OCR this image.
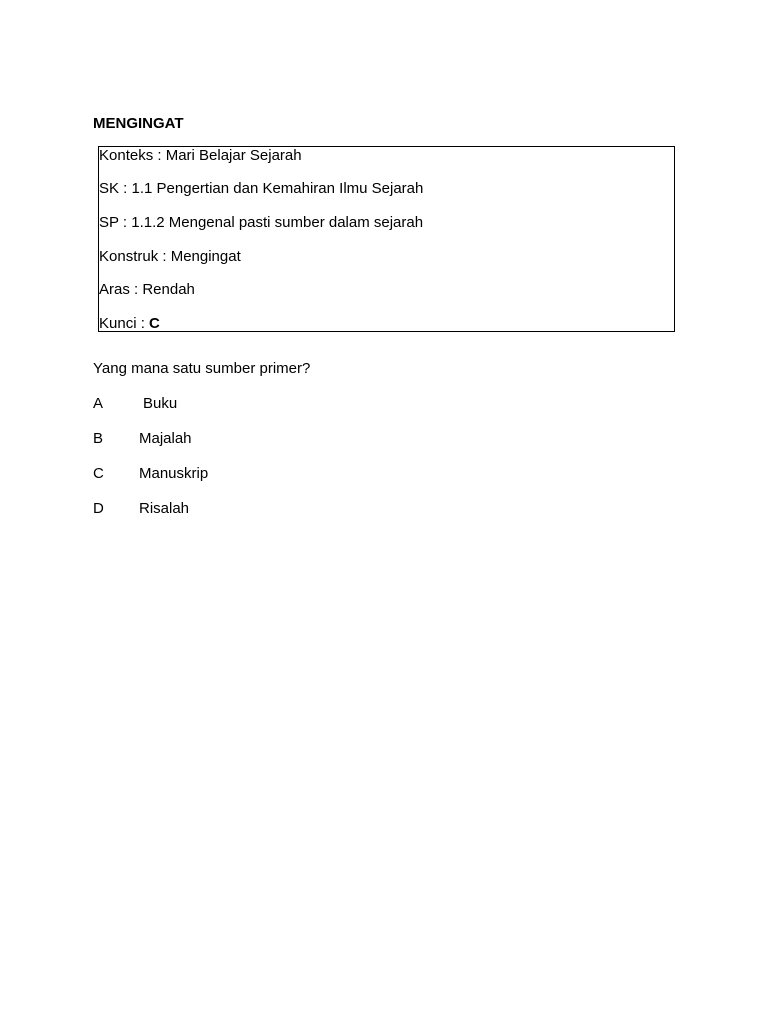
MENGINGAT
Konteks : Mari Belajar Sejarah
SK : 1.1 Pengertian dan Kemahiran Ilmu Sejarah
SP : 1.1.2 Mengenal pasti sumber dalam sejarah
Konstruk : Mengingat
Aras : Rendah
Kunci : C
Yang mana satu sumber primer?
A	Buku
B Majalah
C Manuskrip
D Risalah
